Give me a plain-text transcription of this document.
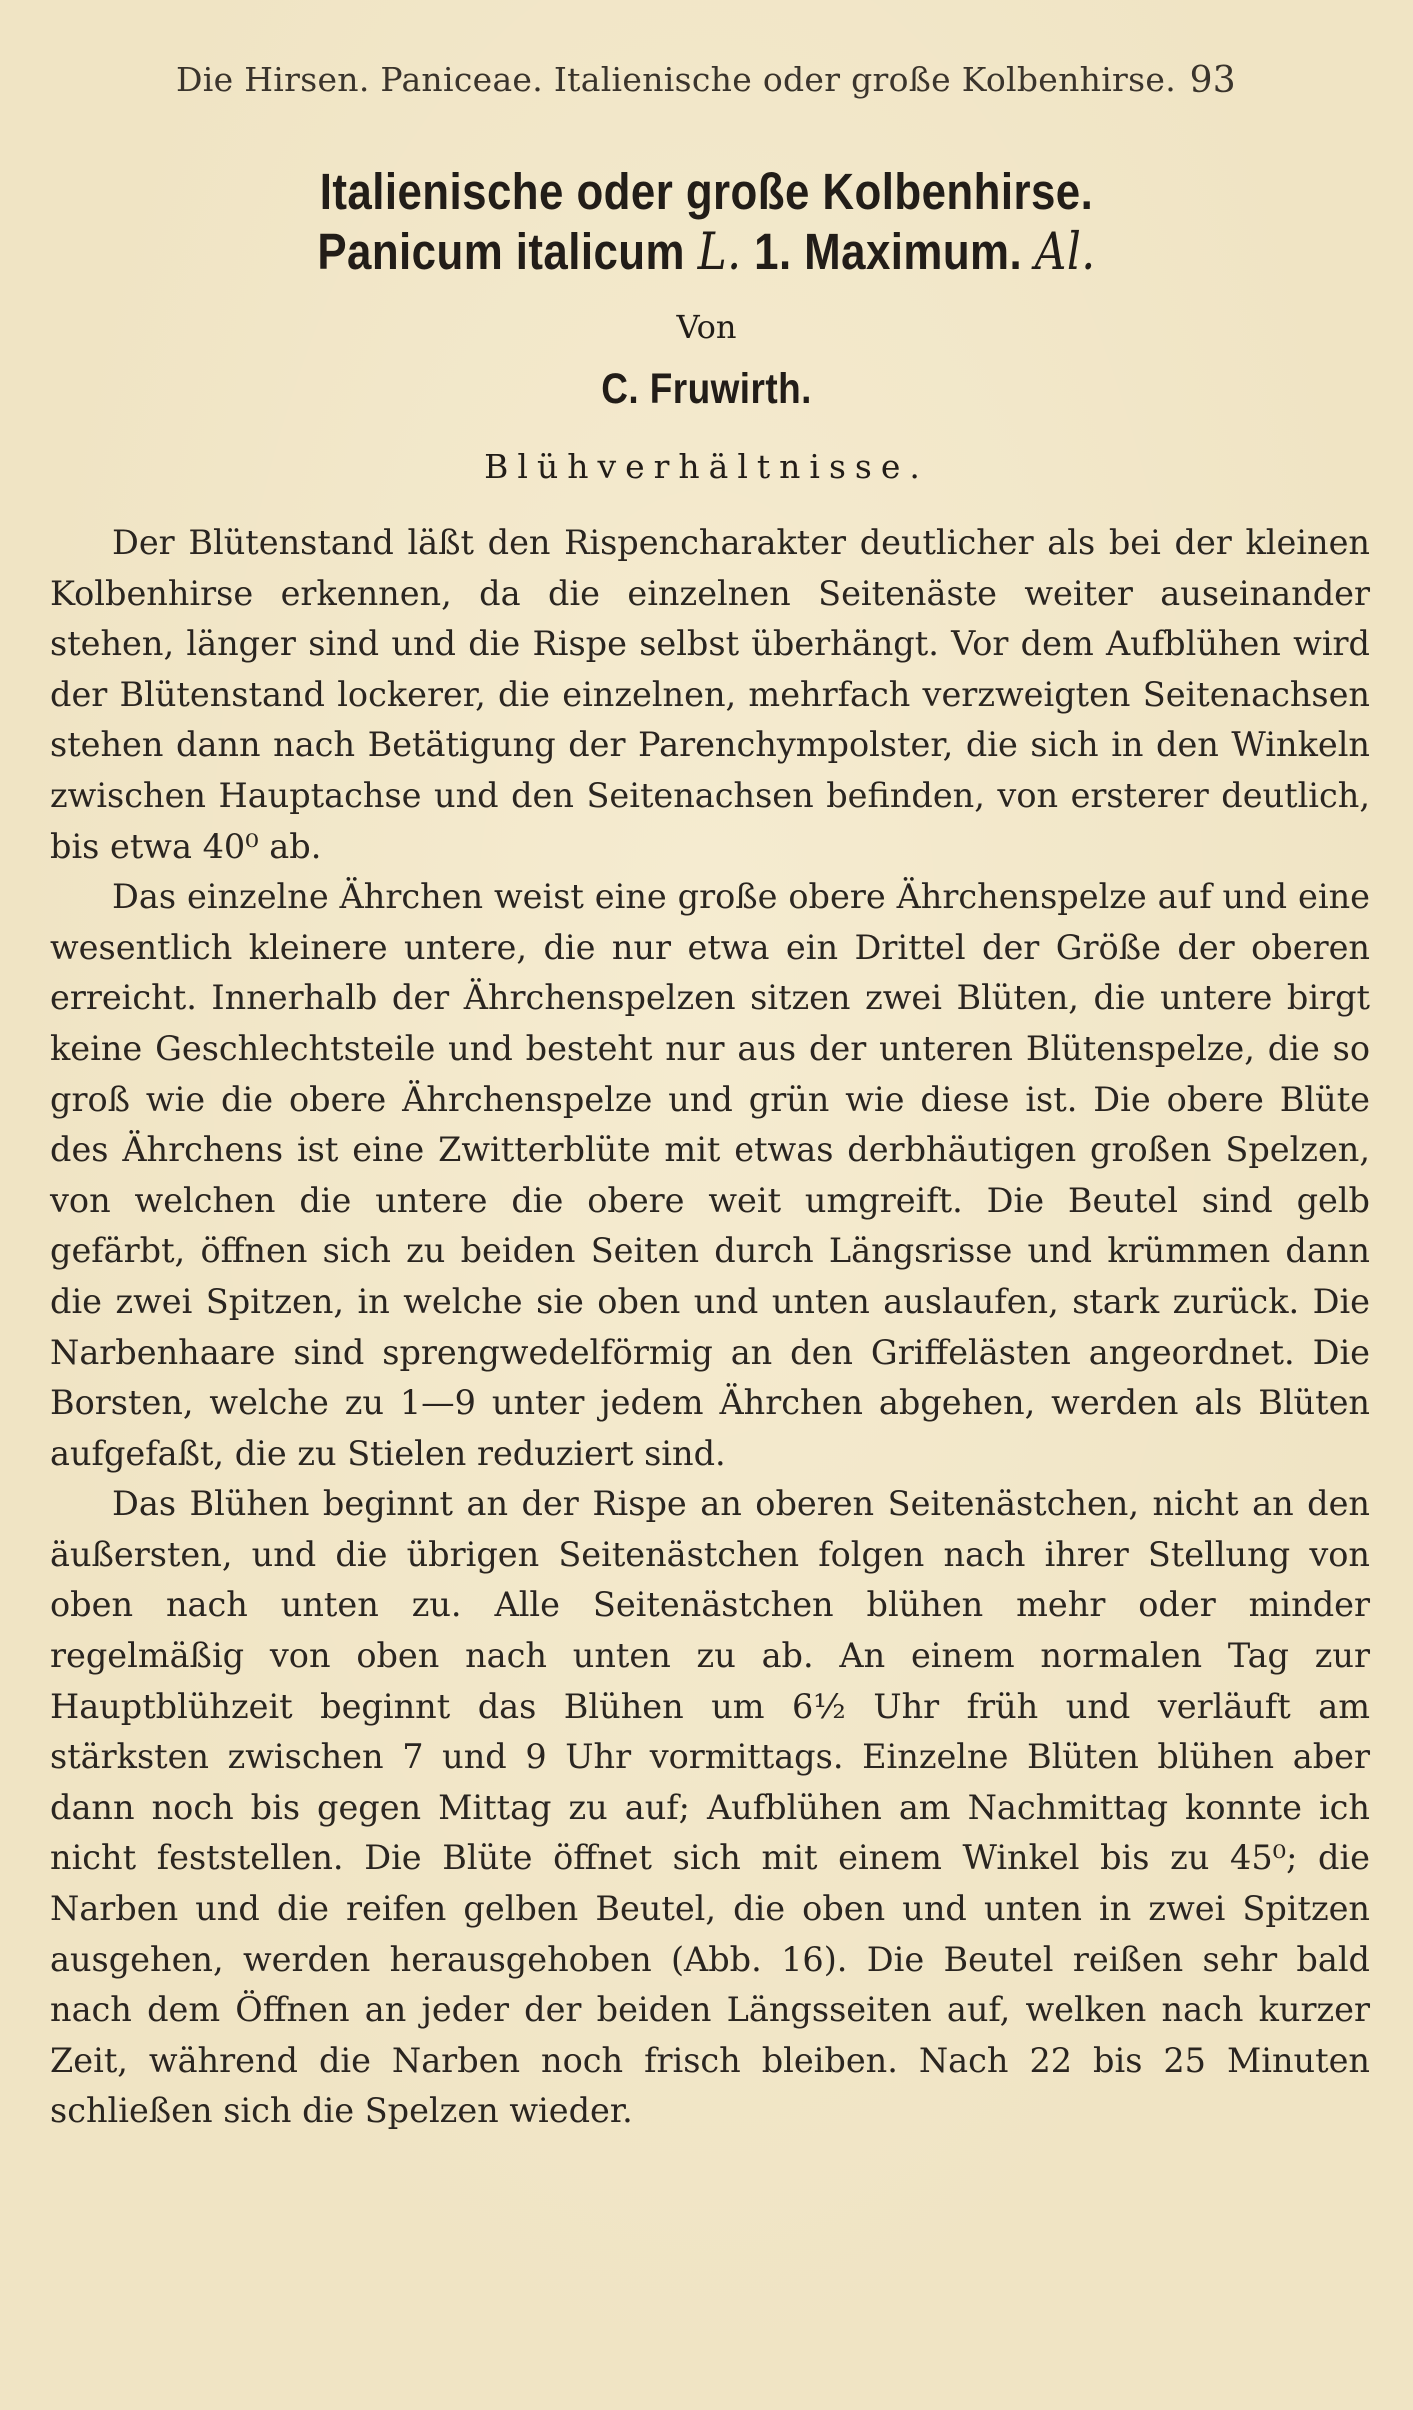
Die Hirsen. Paniceae. Italienische oder große Kolbenhirse. 93
Italienische oder große Kolbenhirse.
Panicum italicum L. 1. Maximum. Al.
Von
C. Fruwirth.
Blühverhältnisse.

Der Blütenstand läßt den Rispencharakter deutlicher als bei der kleinen Kolbenhirse erkennen, da die einzelnen Seitenäste weiter auseinander stehen, länger sind und die Rispe selbst überhängt. Vor dem Aufblühen wird der Blütenstand lockerer, die einzelnen, mehrfach verzweigten Seitenachsen stehen dann nach Betätigung der Parenchympolster, die sich in den Winkeln zwischen Hauptachse und den Seitenachsen befinden, von ersterer deutlich, bis etwa 40⁰ ab.

Das einzelne Ährchen weist eine große obere Ährchenspelze auf und eine wesentlich kleinere untere, die nur etwa ein Drittel der Größe der oberen erreicht. Innerhalb der Ährchenspelzen sitzen zwei Blüten, die untere birgt keine Geschlechtsteile und besteht nur aus der unteren Blütenspelze, die so groß wie die obere Ährchenspelze und grün wie diese ist. Die obere Blüte des Ährchens ist eine Zwitterblüte mit etwas derbhäutigen großen Spelzen, von welchen die untere die obere weit umgreift. Die Beutel sind gelb gefärbt, öffnen sich zu beiden Seiten durch Längsrisse und krümmen dann die zwei Spitzen, in welche sie oben und unten auslaufen, stark zurück. Die Narbenhaare sind sprengwedelförmig an den Griffelästen angeordnet. Die Borsten, welche zu 1—9 unter jedem Ährchen abgehen, werden als Blüten aufgefaßt, die zu Stielen reduziert sind.

Das Blühen beginnt an der Rispe an oberen Seitenästchen, nicht an den äußersten, und die übrigen Seitenästchen folgen nach ihrer Stellung von oben nach unten zu. Alle Seitenästchen blühen mehr oder minder regelmäßig von oben nach unten zu ab. An einem normalen Tag zur Hauptblühzeit beginnt das Blühen um 6½ Uhr früh und verläuft am stärksten zwischen 7 und 9 Uhr vormittags. Einzelne Blüten blühen aber dann noch bis gegen Mittag zu auf; Aufblühen am Nachmittag konnte ich nicht feststellen. Die Blüte öffnet sich mit einem Winkel bis zu 45⁰; die Narben und die reifen gelben Beutel, die oben und unten in zwei Spitzen ausgehen, werden herausgehoben (Abb. 16). Die Beutel reißen sehr bald nach dem Öffnen an jeder der beiden Längsseiten auf, welken nach kurzer Zeit, während die Narben noch frisch bleiben. Nach 22 bis 25 Minuten schließen sich die Spelzen wieder.
